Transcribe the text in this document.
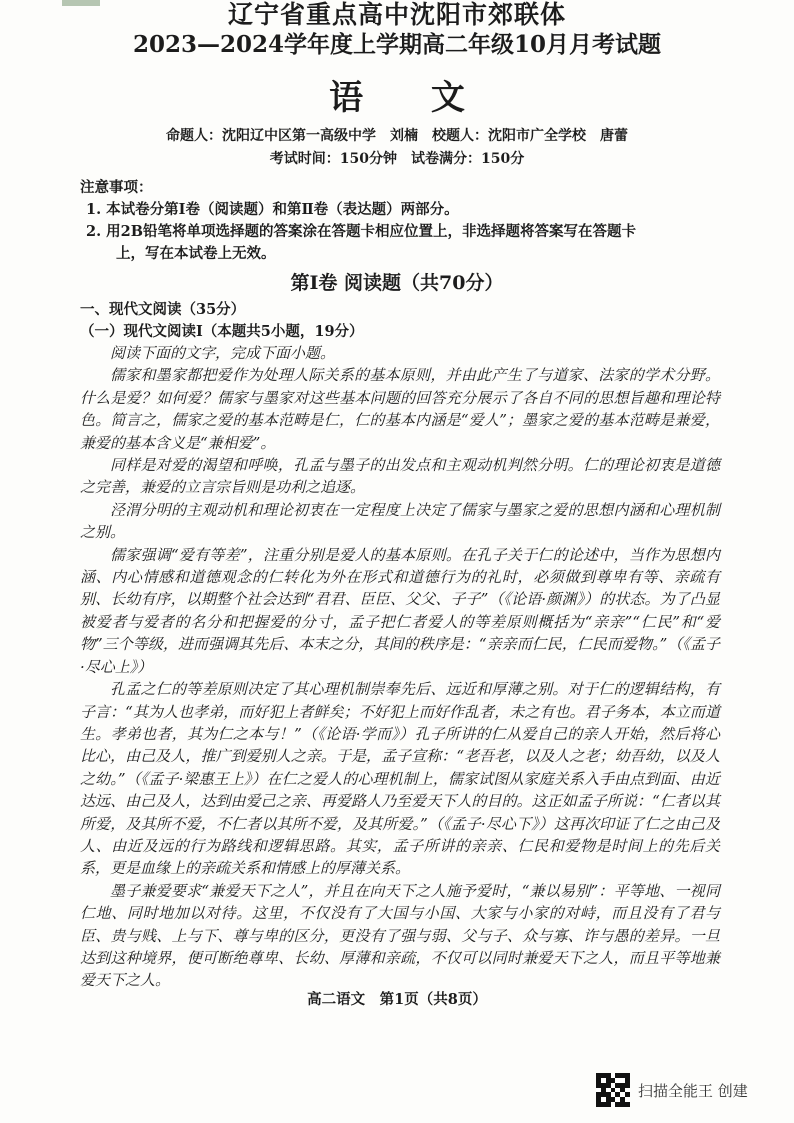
辽宁省重点高中沈阳市郊联体
2023—2024学年度上学期高二年级10月月考试题
语 文
命题人：沈阳辽中区第一高级中学　刘楠　校题人：沈阳市广全学校　唐蕾
考试时间：150分钟　试卷满分：150分
注意事项：
1. 本试卷分第Ⅰ卷（阅读题）和第Ⅱ卷（表达题）两部分。
2. 用2B铅笔将单项选择题的答案涂在答题卡相应位置上，非选择题将答案写在答题卡
上，写在本试卷上无效。
第Ⅰ卷 阅读题（共70分）
一、现代文阅读（35分）
（一）现代文阅读Ⅰ（本题共5小题，19分）

阅读下面的文字，完成下面小题。

儒家和墨家都把爱作为处理人际关系的基本原则，并由此产生了与道家、法家的学术分野。什么是爱？如何爱？儒家与墨家对这些基本问题的回答充分展示了各自不同的思想旨趣和理论特色。简言之，儒家之爱的基本范畴是仁，仁的基本内涵是“爱人”；墨家之爱的基本范畴是兼爱，兼爱的基本含义是“兼相爱”。

同样是对爱的渴望和呼唤，孔孟与墨子的出发点和主观动机判然分明。仁的理论初衷是道德之完善，兼爱的立言宗旨则是功利之追逐。

泾渭分明的主观动机和理论初衷在一定程度上决定了儒家与墨家之爱的思想内涵和心理机制之别。

儒家强调“爱有等差”，注重分别是爱人的基本原则。在孔子关于仁的论述中，当作为思想内涵、内心情感和道德观念的仁转化为外在形式和道德行为的礼时，必须做到尊卑有等、亲疏有别、长幼有序，以期整个社会达到“君君、臣臣、父父、子子”（《论语·颜渊》）的状态。为了凸显被爱者与爱者的名分和把握爱的分寸，孟子把仁者爱人的等差原则概括为“亲亲”“仁民”和“爱物”三个等级，进而强调其先后、本末之分，其间的秩序是：“亲亲而仁民，仁民而爱物。”（《孟子·尽心上》）

孔孟之仁的等差原则决定了其心理机制崇奉先后、远近和厚薄之别。对于仁的逻辑结构，有子言：“其为人也孝弟，而好犯上者鲜矣；不好犯上而好作乱者，未之有也。君子务本，本立而道生。孝弟也者，其为仁之本与！”（《论语·学而》）孔子所讲的仁从爱自己的亲人开始，然后将心比心，由己及人，推广到爱别人之亲。于是，孟子宣称：“老吾老，以及人之老；幼吾幼，以及人之幼。”（《孟子·梁惠王上》）在仁之爱人的心理机制上，儒家试图从家庭关系入手由点到面、由近达远、由己及人，达到由爱己之亲、再爱路人乃至爱天下人的目的。这正如孟子所说：“仁者以其所爱，及其所不爱，不仁者以其所不爱，及其所爱。”（《孟子·尽心下》）这再次印证了仁之由己及人、由近及远的行为路线和逻辑思路。其实，孟子所讲的亲亲、仁民和爱物是时间上的先后关系，更是血缘上的亲疏关系和情感上的厚薄关系。

墨子兼爱要求“兼爱天下之人”，并且在向天下之人施予爱时，“兼以易别”：平等地、一视同仁地、同时地加以对待。这里，不仅没有了大国与小国、大家与小家的对峙，而且没有了君与臣、贵与贱、上与下、尊与卑的区分，更没有了强与弱、父与子、众与寡、诈与愚的差异。一旦达到这种境界，便可断绝尊卑、长幼、厚薄和亲疏，不仅可以同时兼爱天下之人，而且平等地兼爱天下之人。

高二语文　第1页（共8页）
扫描全能王 创建
